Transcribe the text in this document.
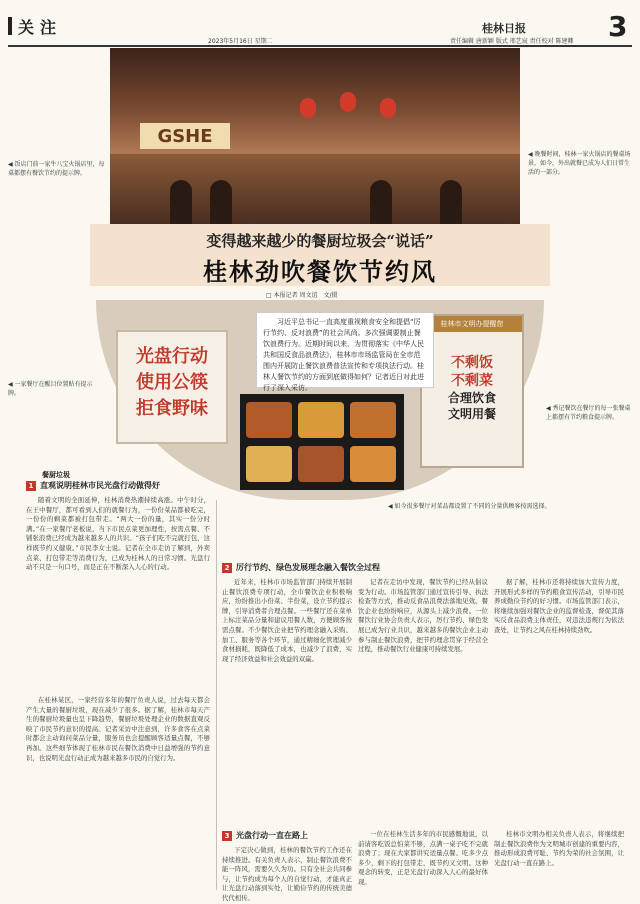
关注
2023年5月16日 星期二
桂林日报	3
责任编辑 唐新颖 版式 邢艺宸 责任校对 陈建卿
GSHE
◀ 饭店门前一家牛八宝火锅店里，每桌都摆有餐饮节约的提示牌。
◀ 晚餐时间，桂林一家火锅店的餐桌场景，如今，外出就餐已成为人们日常生活的一部分。
变得越来越少的餐厨垃圾会“说话”
桂林劲吹餐饮节约风
□ 本报记者 周文谊　文/摄
光盘行动
使用公筷
拒食野味
桂林市文明办提醒您
不剩饭
不剩菜
合理饮食
文明用餐
习近平总书记一直高度重视粮食安全和提倡“厉行节约、反对浪费”的社会风尚。多次强调要制止餐饮浪费行为。近期时间以来，为贯彻落实《中华人民共和国反食品浪费法》，桂林市市场监管局在全市范围内开展防止餐饮浪费普法宣传和专项执法行动。桂林人餐饮节约的方面到底做得如何？记者近日对此进行了深入采访。
◀ 一家餐厅在醒目位置贴有提示牌。
◀ 秀记餐饮在餐厅的每一张餐桌上都摆有节约粮食提示牌。
◀ 如今很多餐厅对菜品都设置了不同的分量供顾客按需选择。
餐厨垃圾
1 直观说明桂林市民光盘行动做得好

随着文明的全面延伸，桂林消费热潮持续高涨。中午时分，在王中餐厅，都可看到人们的就餐行为，一份份菜品都被吃完，一份份的剩菜都被打包带走。“两大一份的量，其实一份分时满。”在一家餐厅老板说，当下市民点菜更加理性，按需点餐、不铺张浪费已经成为越来越多人的共识。“孩子们吃不完就打包，这样既节约又健康。”市民李女士说。记者在全市走访了解到，外卖点菜、打包带走等消费行为，已成为桂林人的日常习惯。光盘行动不只是一句口号，而是正在不断深入人心的行动。

在桂林某区，一家经营多年的餐厅负责人说，过去每天都会产生大量的餐厨垃圾，现在减少了很多。据了解，桂林市每天产生的餐厨垃圾量也呈下降趋势，餐厨垃圾处理企业的数据直观反映了市民节约意识的提高。记者采访中注意到，许多食客在点菜时都会主动询问菜品分量，服务员也会提醒顾客适量点餐，不够再加。这些细节体现了桂林市民在餐饮消费中日益增强的节约意识，也说明光盘行动正成为越来越多市民的自觉行为。

2 厉行节约、绿色发展理念融入餐饮全过程

近年来，桂林市市场监管部门持续开展制止餐饮浪费专项行动，全市餐饮企业积极响应，纷纷推出小份菜、半份菜，设立节约提示牌，引导消费者合理点餐。一些餐厅还在菜单上标注菜品分量和建议用餐人数，方便顾客按需点餐。不少餐饮企业把节约理念融入采购、加工、服务等各个环节，通过精细化管理减少食材损耗，既降低了成本，也减少了浪费，实现了经济效益和社会效益的双赢。

记者在走访中发现，餐饮节约已经从倡议变为行动。市场监管部门通过宣传引导、执法检查等方式，推动反食品浪费法落地见效。餐饮企业也纷纷响应，从源头上减少浪费。一位餐饮行业协会负责人表示，厉行节约、绿色发展已成为行业共识，越来越多的餐饮企业主动参与制止餐饮浪费，把节约理念贯穿于经营全过程，推动餐饮行业健康可持续发展。

据了解，桂林市还将持续加大宣传力度，开展形式多样的节约粮食宣传活动，引导市民养成勤俭节约的好习惯。市场监管部门表示，将继续加强对餐饮企业的监督检查，督促其落实反食品浪费主体责任，对违法违规行为依法查处，让节约之风在桂林持续劲吹。

3 光盘行动一直在路上

下定决心做到，桂林的餐饮节约工作还在持续推进。有关负责人表示，制止餐饮浪费不能一阵风，需要久久为功。只有全社会共同参与，让节约成为每个人的自觉行动，才能真正让光盘行动落到实处，让勤俭节约的传统美德代代相传。

一位在桂林生活多年的市民感慨地说，以前请客吃饭总怕菜不够，点满一桌子吃不完就浪费了；现在大家都讲究适量点餐、吃多少点多少，剩下的打包带走，既节约又文明。这种观念的转变，正是光盘行动深入人心的最好体现。

桂林市文明办相关负责人表示，将继续把制止餐饮浪费作为文明城市创建的重要内容，推动形成浪费可耻、节约为荣的社会氛围，让光盘行动一直在路上。
